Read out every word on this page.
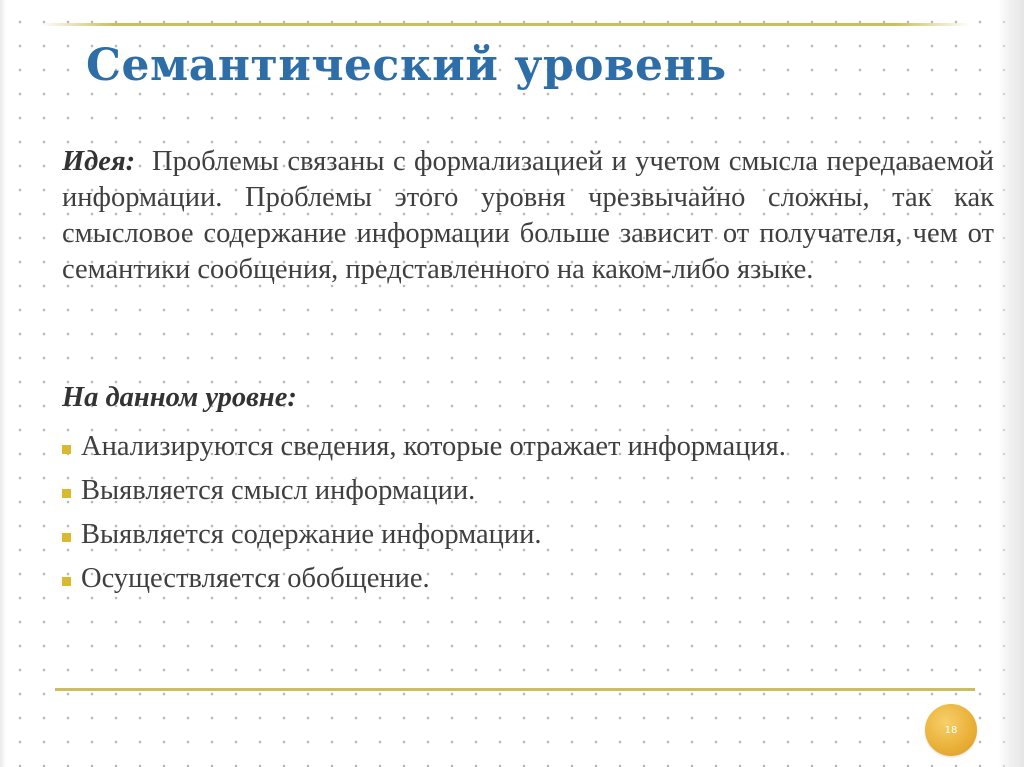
Семантический уровень

Идея: Проблемы связаны с формализацией и учетом смысла передаваемой информации. Проблемы этого уровня чрезвычайно сложны, так как смысловое содержание информации больше зависит от получателя, чем от семантики сообщения, представленного на каком-либо языке.

На данном уровне:

Анализируются сведения, которые отражает информация.
Выявляется смысл информации.
Выявляется содержание информации.
Осуществляется обобщение.
18
